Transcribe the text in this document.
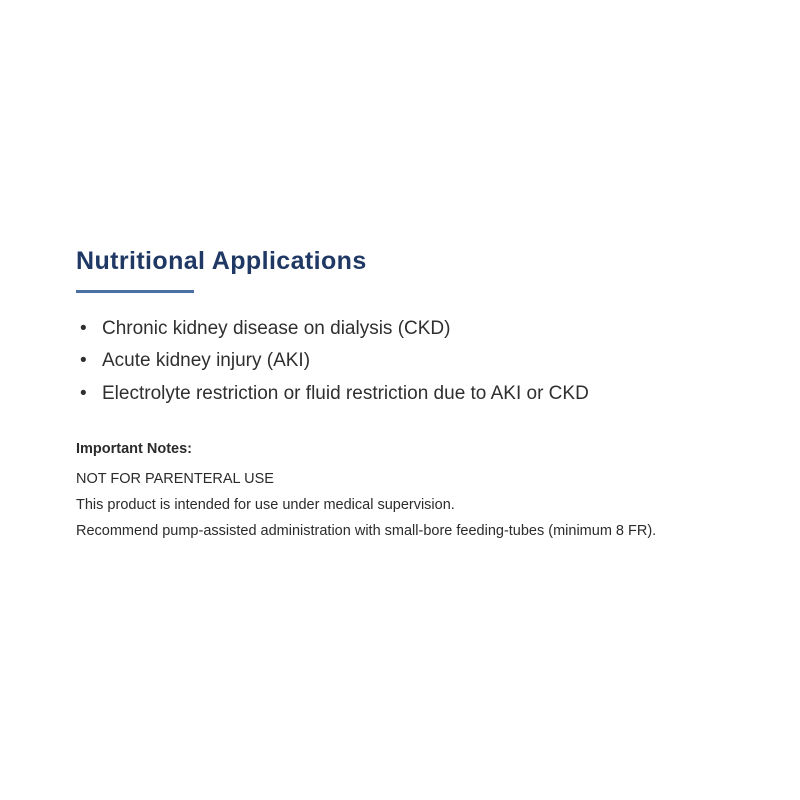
Nutritional Applications
• Chronic kidney disease on dialysis (CKD)
• Acute kidney injury (AKI)
• Electrolyte restriction or fluid restriction due to AKI or CKD

Important Notes:

NOT FOR PARENTERAL USE

This product is intended for use under medical supervision.

Recommend pump-assisted administration with small-bore feeding-tubes (minimum 8 FR).
